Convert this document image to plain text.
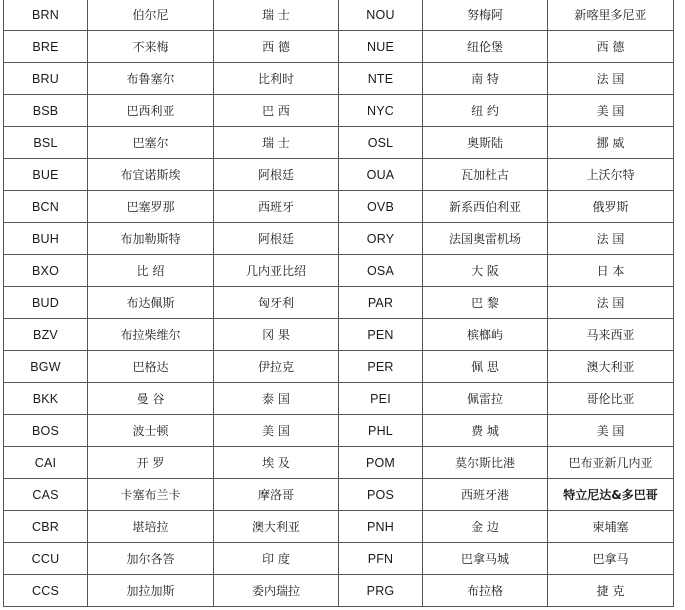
BRN	伯尔尼	瑞 士	NOU	努梅阿	新喀里多尼亚
BRE	不来梅	西 德	NUE	纽伦堡	西 德
BRU	布鲁塞尔	比利时	NTE	南 特	法 国
BSB	巴西利亚	巴 西	NYC	纽 约	美 国
BSL	巴塞尔	瑞 士	OSL	奥斯陆	挪 威
BUE	布宜诺斯埃	阿根廷	OUA	瓦加杜古	上沃尔特
BCN	巴塞罗那	西班牙	OVB	新系西伯利亚	俄罗斯
BUH	布加勒斯特	阿根廷	ORY	法国奥雷机场	法 国
BXO	比 绍	几内亚比绍	OSA	大 阪	日 本
BUD	布达佩斯	匈牙利	PAR	巴 黎	法 国
BZV	布拉柴维尔	冈 果	PEN	槟榔屿	马来西亚
BGW	巴格达	伊拉克	PER	佩 思	澳大利亚
BKK	曼 谷	泰 国	PEI	佩雷拉	哥伦比亚
BOS	波士顿	美 国	PHL	费 城	美 国
CAI	开 罗	埃 及	POM	莫尔斯比港	巴布亚新几内亚
CAS	卡塞布兰卡	摩洛哥	POS	西班牙港	特立尼达&多巴哥
CBR	堪培拉	澳大利亚	PNH	金 边	柬埔塞
CCU	加尔各答	印 度	PFN	巴拿马城	巴拿马
CCS	加拉加斯	委内瑞拉	PRG	布拉格	捷 克
